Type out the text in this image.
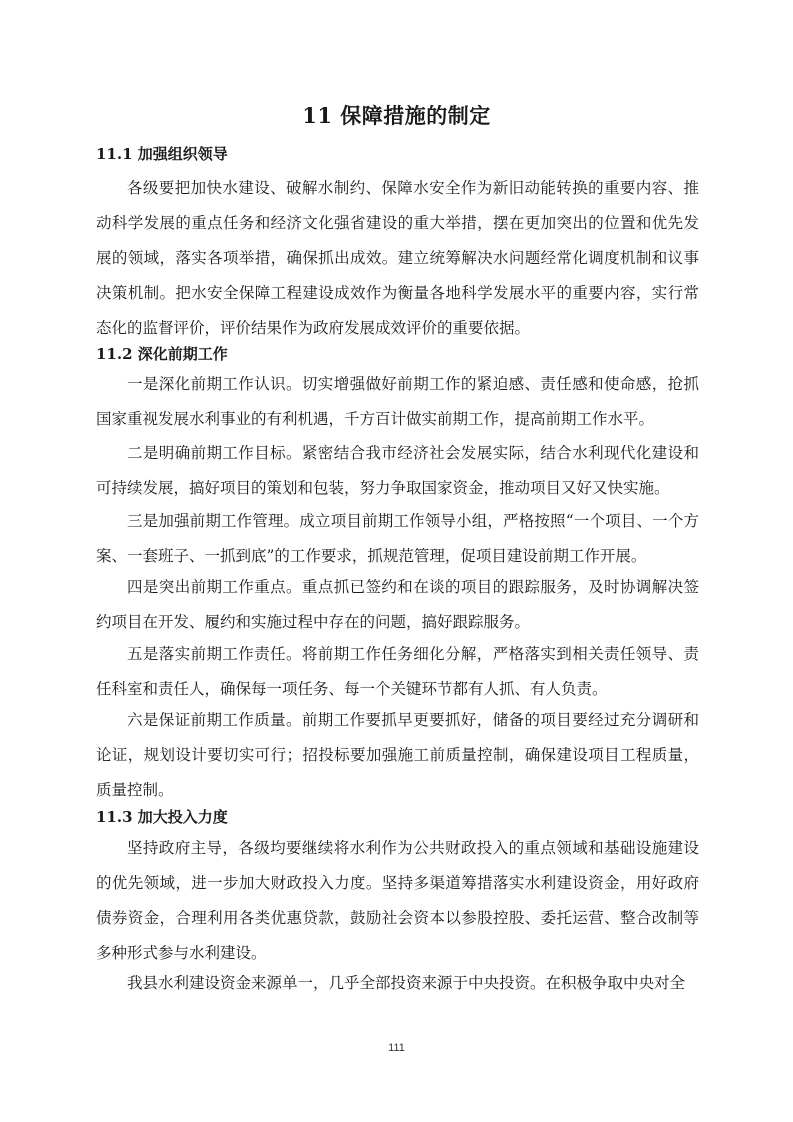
11 保障措施的制定
11.1 加强组织领导

各级要把加快水建设、破解水制约、保障水安全作为新旧动能转换的重要内容、推动科学发展的重点任务和经济文化强省建设的重大举措，摆在更加突出的位置和优先发展的领域，落实各项举措，确保抓出成效。建立统筹解决水问题经常化调度机制和议事决策机制。把水安全保障工程建设成效作为衡量各地科学发展水平的重要内容，实行常态化的监督评价，评价结果作为政府发展成效评价的重要依据。

11.2 深化前期工作

一是深化前期工作认识。切实增强做好前期工作的紧迫感、责任感和使命感，抢抓国家重视发展水利事业的有利机遇，千方百计做实前期工作，提高前期工作水平。

二是明确前期工作目标。紧密结合我市经济社会发展实际，结合水利现代化建设和可持续发展，搞好项目的策划和包装，努力争取国家资金，推动项目又好又快实施。

三是加强前期工作管理。成立项目前期工作领导小组，严格按照“一个项目、一个方案、一套班子、一抓到底”的工作要求，抓规范管理，促项目建设前期工作开展。

四是突出前期工作重点。重点抓已签约和在谈的项目的跟踪服务，及时协调解决签约项目在开发、履约和实施过程中存在的问题，搞好跟踪服务。

五是落实前期工作责任。将前期工作任务细化分解，严格落实到相关责任领导、责任科室和责任人，确保每一项任务、每一个关键环节都有人抓、有人负责。

六是保证前期工作质量。前期工作要抓早更要抓好，储备的项目要经过充分调研和论证，规划设计要切实可行；招投标要加强施工前质量控制，确保建设项目工程质量，质量控制。

11.3 加大投入力度

坚持政府主导，各级均要继续将水利作为公共财政投入的重点领域和基础设施建设的优先领域，进一步加大财政投入力度。坚持多渠道筹措落实水利建设资金，用好政府债券资金，合理利用各类优惠贷款，鼓励社会资本以参股控股、委托运营、整合改制等多种形式参与水利建设。

我县水利建设资金来源单一，几乎全部投资来源于中央投资。在积极争取中央对全

111
